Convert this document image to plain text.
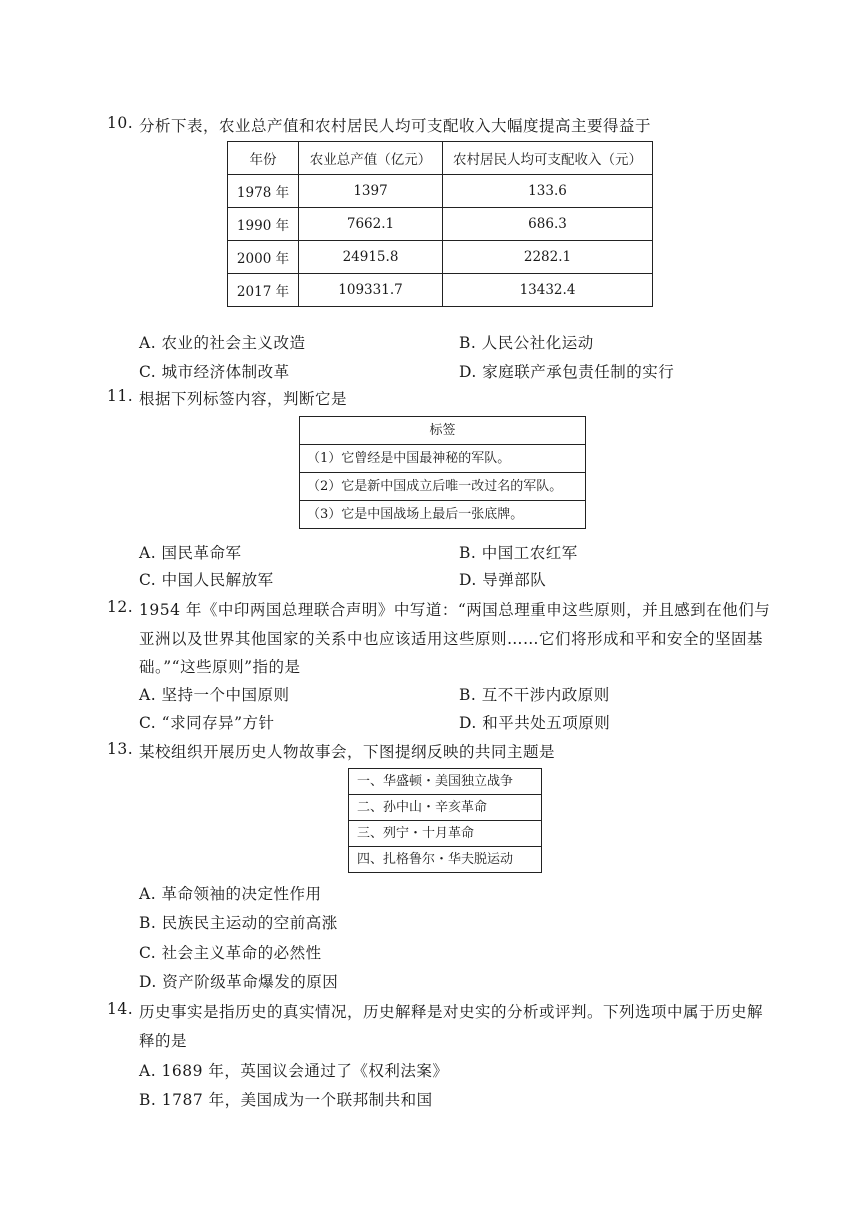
10. 分析下表，农业总产值和农村居民人均可支配收入大幅度提高主要得益于
年份	农业总产值（亿元）	农村居民人均可支配收入（元）
1978 年	1397	133.6
1990 年	7662.1	686.3
2000 年	24915.8	2282.1
2017 年	109331.7	13432.4
A. 农业的社会主义改造	B. 人民公社化运动
C. 城市经济体制改革	D. 家庭联产承包责任制的实行
11. 根据下列标签内容，判断它是
标签
（1）它曾经是中国最神秘的军队。
（2）它是新中国成立后唯一改过名的军队。
（3）它是中国战场上最后一张底牌。
A. 国民革命军	B. 中国工农红军
C. 中国人民解放军	D. 导弹部队
12. 1954 年《中印两国总理联合声明》中写道：“两国总理重申这些原则，并且感到在他们与
亚洲以及世界其他国家的关系中也应该适用这些原则……它们将形成和平和安全的坚固基
础。”“这些原则”指的是
A. 坚持一个中国原则	B. 互不干涉内政原则
C. “求同存异”方针	D. 和平共处五项原则
13. 某校组织开展历史人物故事会，下图提纲反映的共同主题是
一、华盛顿・美国独立战争
二、孙中山・辛亥革命
三、列宁・十月革命
四、扎格鲁尔・华夫脱运动
A. 革命领袖的决定性作用
B. 民族民主运动的空前高涨
C. 社会主义革命的必然性
D. 资产阶级革命爆发的原因
14. 历史事实是指历史的真实情况，历史解释是对史实的分析或评判。下列选项中属于历史解
释的是
A. 1689 年，英国议会通过了《权利法案》
B. 1787 年，美国成为一个联邦制共和国
